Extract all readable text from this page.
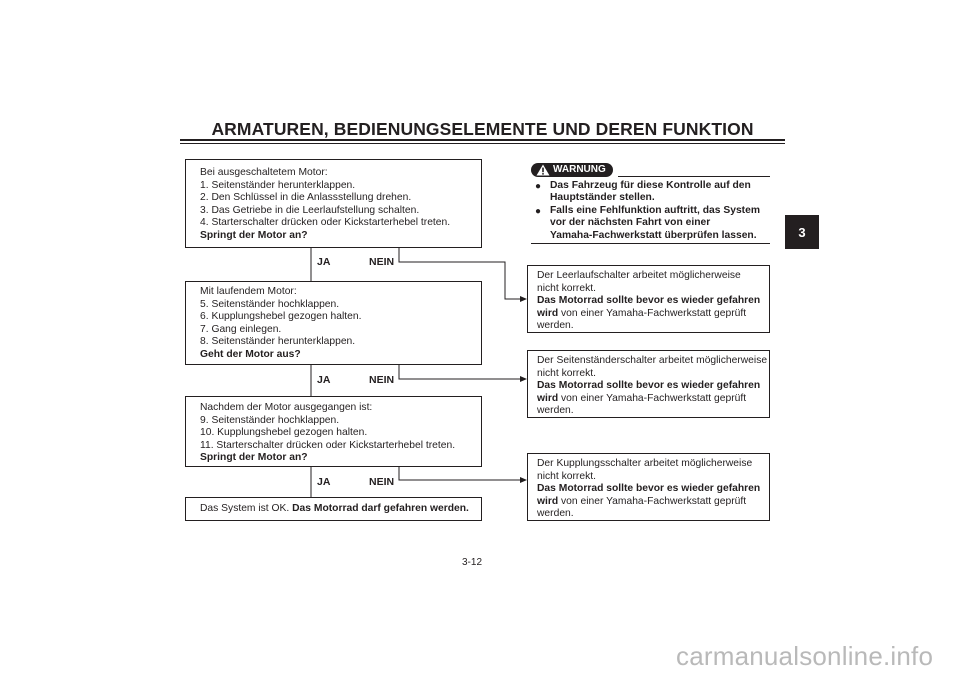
ARMATUREN, BEDIENUNGSELEMENTE UND DEREN FUNKTION
3
Bei ausgeschaltetem Motor:
1. Seitenständer herunterklappen.
2. Den Schlüssel in die Anlassstellung drehen.
3. Das Getriebe in die Leerlaufstellung schalten.
4. Starterschalter drücken oder Kickstarterhebel treten.
Springt der Motor an?
Mit laufendem Motor:
5. Seitenständer hochklappen.
6. Kupplungshebel gezogen halten.
7. Gang einlegen.
8. Seitenständer herunterklappen.
Geht der Motor aus?
Nachdem der Motor ausgegangen ist:
9. Seitenständer hochklappen.
10. Kupplungshebel gezogen halten.
11. Starterschalter drücken oder Kickstarterhebel treten.
Springt der Motor an?
Das System ist OK. Das Motorrad darf gefahren werden.
JA	NEIN
JA	NEIN
JA	NEIN
Der Leerlaufschalter arbeitet möglicherweise
nicht korrekt.
Das Motorrad sollte bevor es wieder gefahren
wird von einer Yamaha-Fachwerkstatt geprüft
werden.
Der Seitenständerschalter arbeitet möglicherweise
nicht korrekt.
Das Motorrad sollte bevor es wieder gefahren
wird von einer Yamaha-Fachwerkstatt geprüft
werden.
Der Kupplungsschalter arbeitet möglicherweise
nicht korrekt.
Das Motorrad sollte bevor es wieder gefahren
wird von einer Yamaha-Fachwerkstatt geprüft
werden.
WARNUNG
● Das Fahrzeug für diese Kontrolle auf den
Hauptständer stellen.
● Falls eine Fehlfunktion auftritt, das System
vor der nächsten Fahrt von einer
Yamaha-Fachwerkstatt überprüfen lassen.
3-12
carmanualsonline.info
